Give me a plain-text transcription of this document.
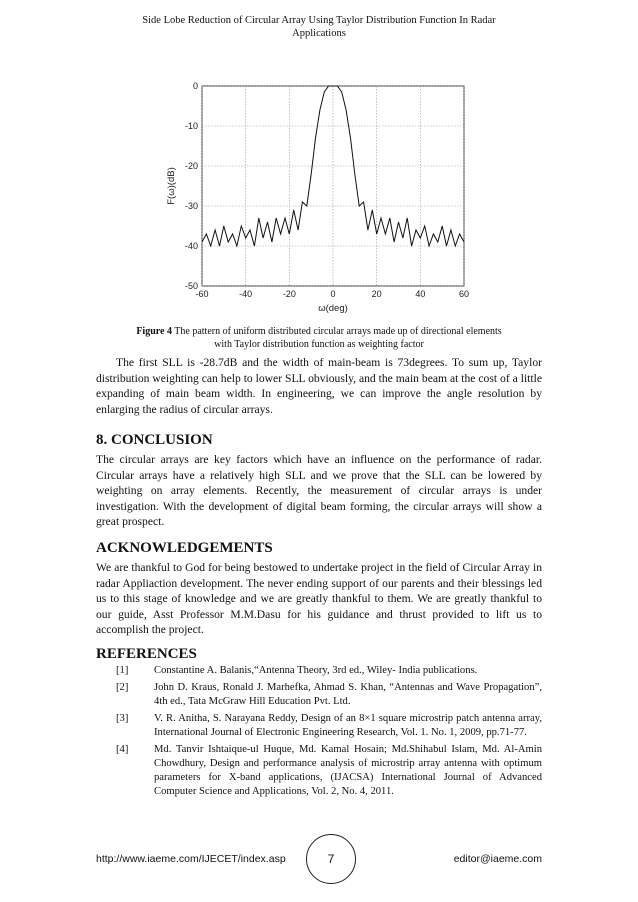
Side Lobe Reduction of Circular Array Using Taylor Distribution Function In Radar
Applications
-60	-40	-20	0	20	40	60
0
-10
-20
-30
-40
-50
ω(deg)
F(ω)(dB)
Figure 4 The pattern of uniform distributed circular arrays made up of directional elements
with Taylor distribution function as weighting factor

The first SLL is -28.7dB and the width of main-beam is 73degrees. To sum up, Taylor distribution weighting can help to lower SLL obviously, and the main beam at the cost of a little expanding of main beam width. In engineering, we can improve the angle resolution by enlarging the radius of circular arrays.

8. CONCLUSION

The circular arrays are key factors which have an influence on the performance of radar. Circular arrays have a relatively high SLL and we prove that the SLL can be lowered by weighting on array elements. Recently, the measurement of circular arrays is under investigation. With the development of digital beam forming, the circular arrays will show a great prospect.

ACKNOWLEDGEMENTS

We are thankful to God for being bestowed to undertake project in the field of Circular Array in radar Appliaction development. The never ending support of our parents and their blessings led us to this stage of knowledge and we are greatly thankful to them. We are greatly thankful to our guide, Asst Professor M.M.Dasu for his guidance and thrust provided to lift us to accomplish the project.

REFERENCES
[1]	Constantine A. Balanis,“Antenna Theory, 3rd ed., Wiley- India publications.
[2]	John D. Kraus, Ronald J. Marhefka, Ahmad S. Khan, “Antennas and Wave Propagation”, 4th ed., Tata McGraw Hill Education Pvt. Ltd.
[3]	V. R. Anitha, S. Narayana Reddy, Design of an 8×1 square microstrip patch antenna array, International Journal of Electronic Engineering Research, Vol. 1. No. 1, 2009, pp.71-77.
[4]	Md. Tanvir Ishtaique-ul Huque, Md. Kamal Hosain; Md.Shihabul Islam, Md. Al-Amin Chowdhury, Design and performance analysis of microstrip array antenna with optimum parameters for X-band applications, (IJACSA) International Journal of Advanced Computer Science and Applications, Vol. 2, No. 4, 2011.
http://www.iaeme.com/IJECET/index.asp	7	editor@iaeme.com
